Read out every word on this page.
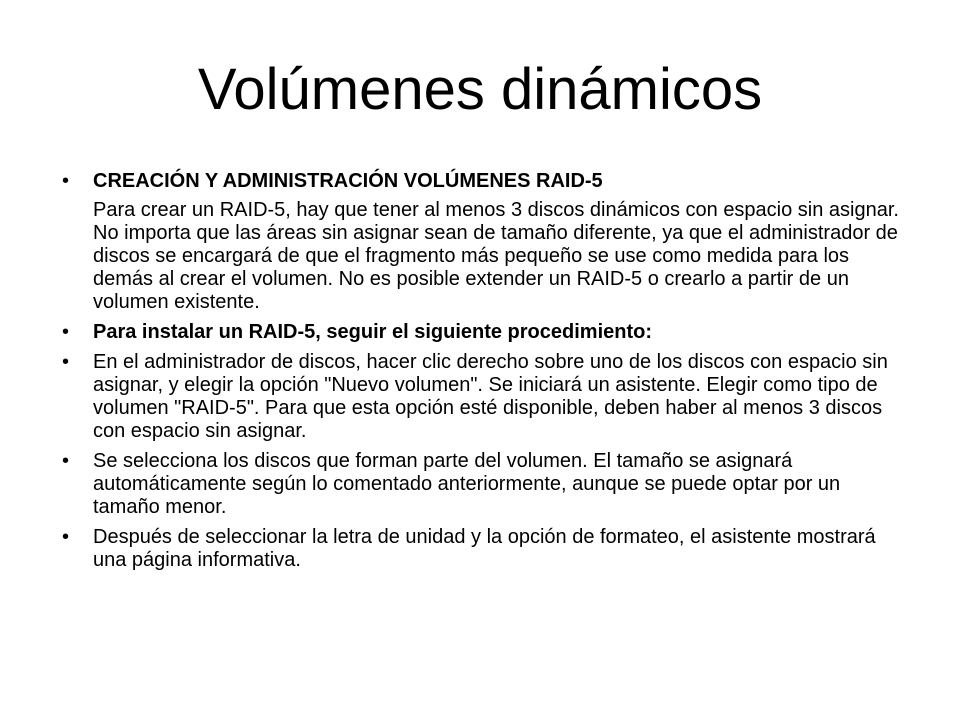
Volúmenes dinámicos
• CREACIÓN Y ADMINISTRACIÓN VOLÚMENES RAID-5
Para crear un RAID-5, hay que tener al menos 3 discos dinámicos con espacio sin asignar. No importa que las áreas sin asignar sean de tamaño diferente, ya que el administrador de discos se encargará de que el fragmento más pequeño se use como medida para los demás al crear el volumen. No es posible extender un RAID-5 o crearlo a partir de un volumen existente.
• Para instalar un RAID-5, seguir el siguiente procedimiento:
• En el administrador de discos, hacer clic derecho sobre uno de los discos con espacio sin asignar, y elegir la opción "Nuevo volumen". Se iniciará un asistente. Elegir como tipo de volumen "RAID-5". Para que esta opción esté disponible, deben haber al menos 3 discos con espacio sin asignar.
• Se selecciona los discos que forman parte del volumen. El tamaño se asignará automáticamente según lo comentado anteriormente, aunque se puede optar por un tamaño menor.
• Después de seleccionar la letra de unidad y la opción de formateo, el asistente mostrará una página informativa.
